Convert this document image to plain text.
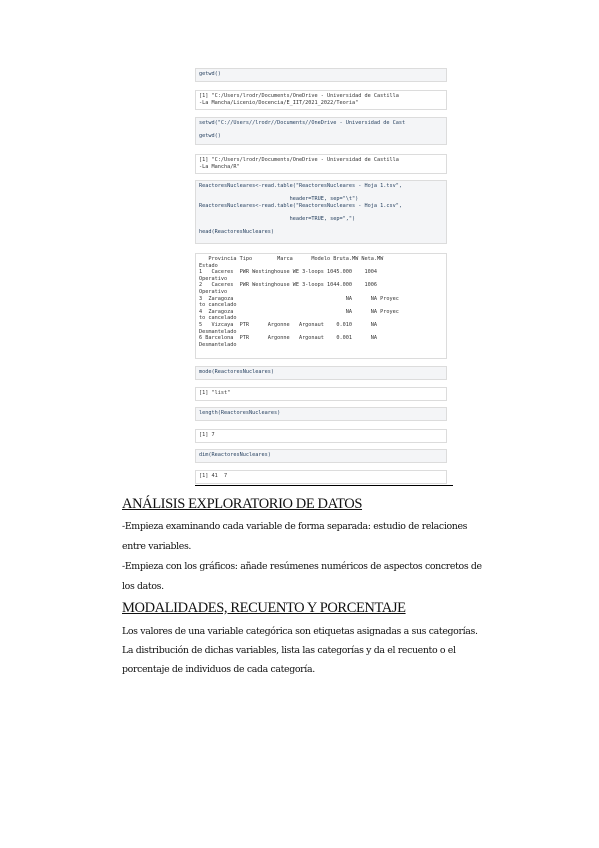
getwd()
[1] "C:/Users/lrodr/Documents/OneDrive - Universidad de Castilla
-La Mancha/Licenio/Docencia/E_IIT/2021_2022/Teoria"
setwd("C://Users//lrodr//Documents//OneDrive - Universidad de Cast

getwd()
[1] "C:/Users/lrodr/Documents/OneDrive - Universidad de Castilla
-La Mancha/R"
ReactoresNucleares<-read.table("ReactoresNucleares - Hoja 1.tsv",

header=TRUE, sep="\t")
ReactoresNucleares<-read.table("ReactoresNucleares - Hoja 1.csv",

header=TRUE, sep=",")

head(ReactoresNucleares)
Provincia Tipo        Marca      Modelo Bruta.MW Neta.MW
Estado
1   Caceres  PWR Westinghouse WE 3-loops 1045.000    1004
Operativo
2   Caceres  PWR Westinghouse WE 3-loops 1044.000    1006
Operativo
3  Zaragoza                                    NA      NA Proyec
to cancelado
4  Zaragoza                                    NA      NA Proyec
to cancelado
5   Vizcaya  PTR      Argonne   Argonaut    0.010      NA
Desmantelado
6 Barcelona  PTR      Argonne   Argonaut    0.001      NA
Desmantelado
mode(ReactoresNucleares)
[1] "list"
length(ReactoresNucleares)
[1] 7
dim(ReactoresNucleares)
[1] 41  7
ANÁLISIS EXPLORATORIO DE DATOS
-Empieza examinando cada variable de forma separada: estudio de relaciones
entre variables.
-Empieza con los gráficos: añade resúmenes numéricos de aspectos concretos de
los datos.
MODALIDADES, RECUENTO Y PORCENTAJE
Los valores de una variable categórica son etiquetas asignadas a sus categorías.
La distribución de dichas variables, lista las categorías y da el recuento o el
porcentaje de individuos de cada categoría.
